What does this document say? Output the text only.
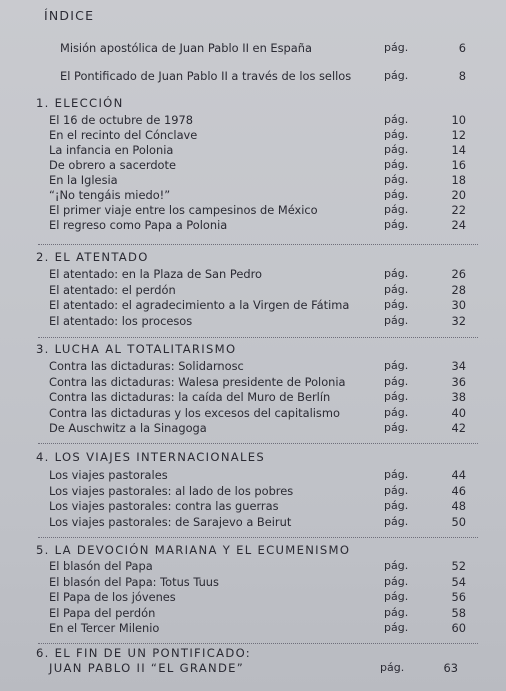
ÍNDICE
Misión apostólica de Juan Pablo II en España	pág.	6
El Pontificado de Juan Pablo II a través de los sellos	pág.	8
1. ELECCIÓN
El 16 de octubre de 1978	pág.	10
En el recinto del Cónclave	pág.	12
La infancia en Polonia	pág.	14
De obrero a sacerdote	pág.	16
En la Iglesia	pág.	18
“¡No tengáis miedo!”	pág.	20
El primer viaje entre los campesinos de México	pág.	22
El regreso como Papa a Polonia	pág.	24
2. EL ATENTADO
El atentado: en la Plaza de San Pedro	pág.	26
El atentado: el perdón	pág.	28
El atentado: el agradecimiento a la Virgen de Fátima	pág.	30
El atentado: los procesos	pág.	32
3. LUCHA AL TOTALITARISMO
Contra las dictaduras: Solidarnosc	pág.	34
Contra las dictaduras: Walesa presidente de Polonia	pág.	36
Contra las dictaduras: la caída del Muro de Berlín	pág.	38
Contra las dictaduras y los excesos del capitalismo	pág.	40
De Auschwitz a la Sinagoga	pág.	42
4. LOS VIAJES INTERNACIONALES
Los viajes pastorales	pág.	44
Los viajes pastorales: al lado de los pobres	pág.	46
Los viajes pastorales: contra las guerras	pág.	48
Los viajes pastorales: de Sarajevo a Beirut	pág.	50
5. LA DEVOCIÓN MARIANA Y EL ECUMENISMO
El blasón del Papa	pág.	52
El blasón del Papa: Totus Tuus	pág.	54
El Papa de los jóvenes	pág.	56
El Papa del perdón	pág.	58
En el Tercer Milenio	pág.	60
6. EL FIN DE UN PONTIFICADO:
JUAN PABLO II “EL GRANDE”	pág.	63
